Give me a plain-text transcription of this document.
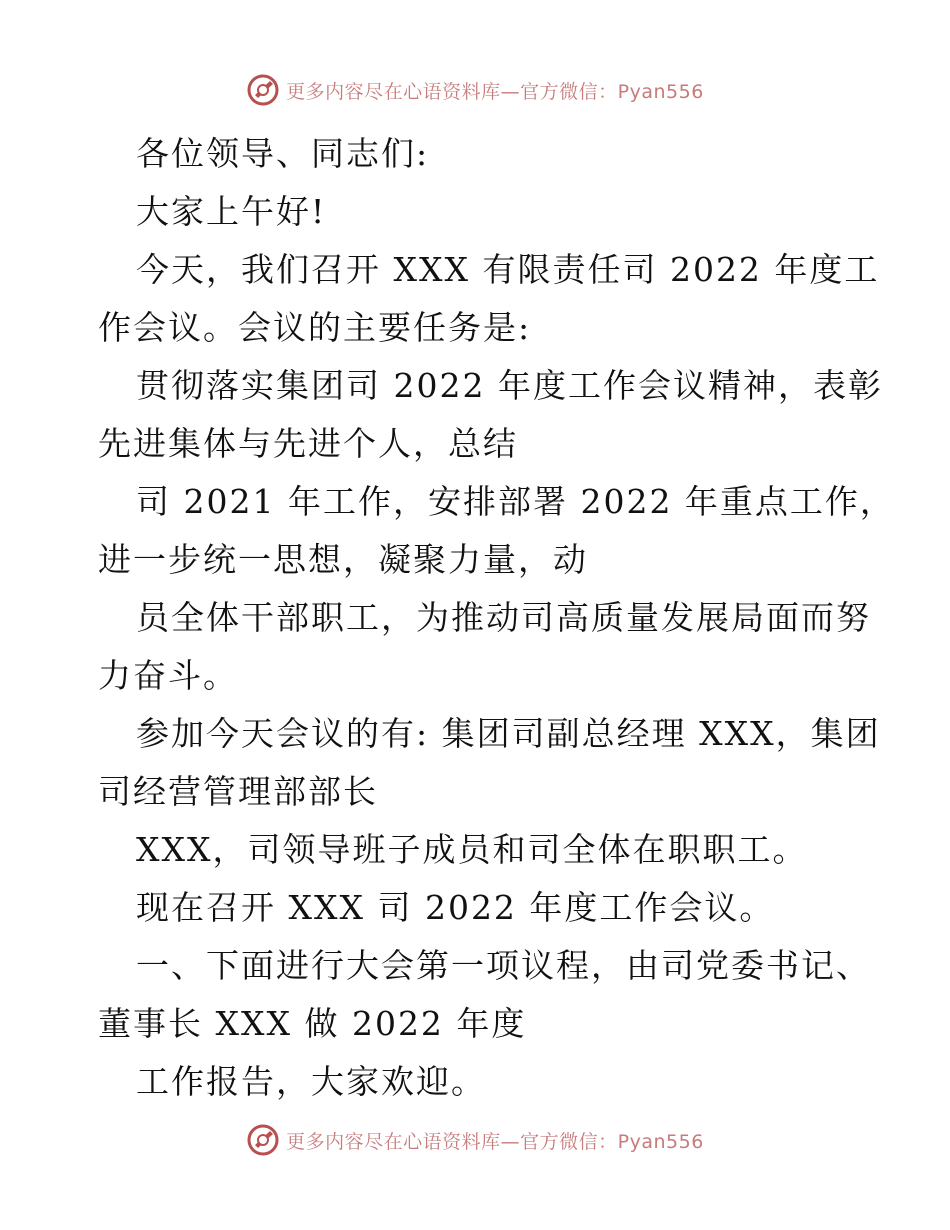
更多内容尽在心语资料库—官方微信：Pyan556

各位领导、同志们:

大家上午好!

今天，我们召开 XXX 有限责任司 2022 年度工

作会议。会议的主要任务是:

贯彻落实集团司 2022 年度工作会议精神，表彰

先进集体与先进个人，总结

司 2021 年工作，安排部署 2022 年重点工作，

进一步统一思想，凝聚力量，动

员全体干部职工，为推动司高质量发展局面而努

力奋斗。

参加今天会议的有: 集团司副总经理 XXX，集团

司经营管理部部长

XXX，司领导班子成员和司全体在职职工。

现在召开 XXX 司 2022 年度工作会议。

一、下面进行大会第一项议程，由司党委书记、

董事长 XXX 做 2022 年度

工作报告，大家欢迎。

更多内容尽在心语资料库—官方微信：Pyan556
